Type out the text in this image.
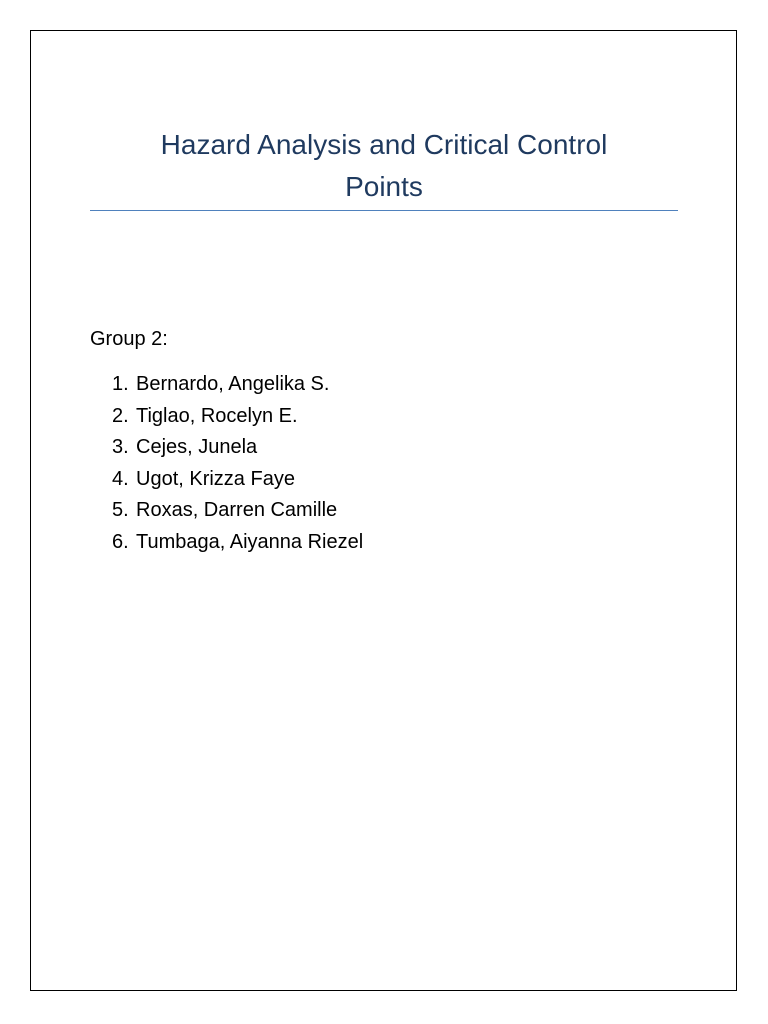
Hazard Analysis and Critical Control
Points

Group 2:

1. Bernardo, Angelika S.
2. Tiglao, Rocelyn E.
3. Cejes, Junela
4. Ugot, Krizza Faye
5. Roxas, Darren Camille
6. Tumbaga, Aiyanna Riezel
